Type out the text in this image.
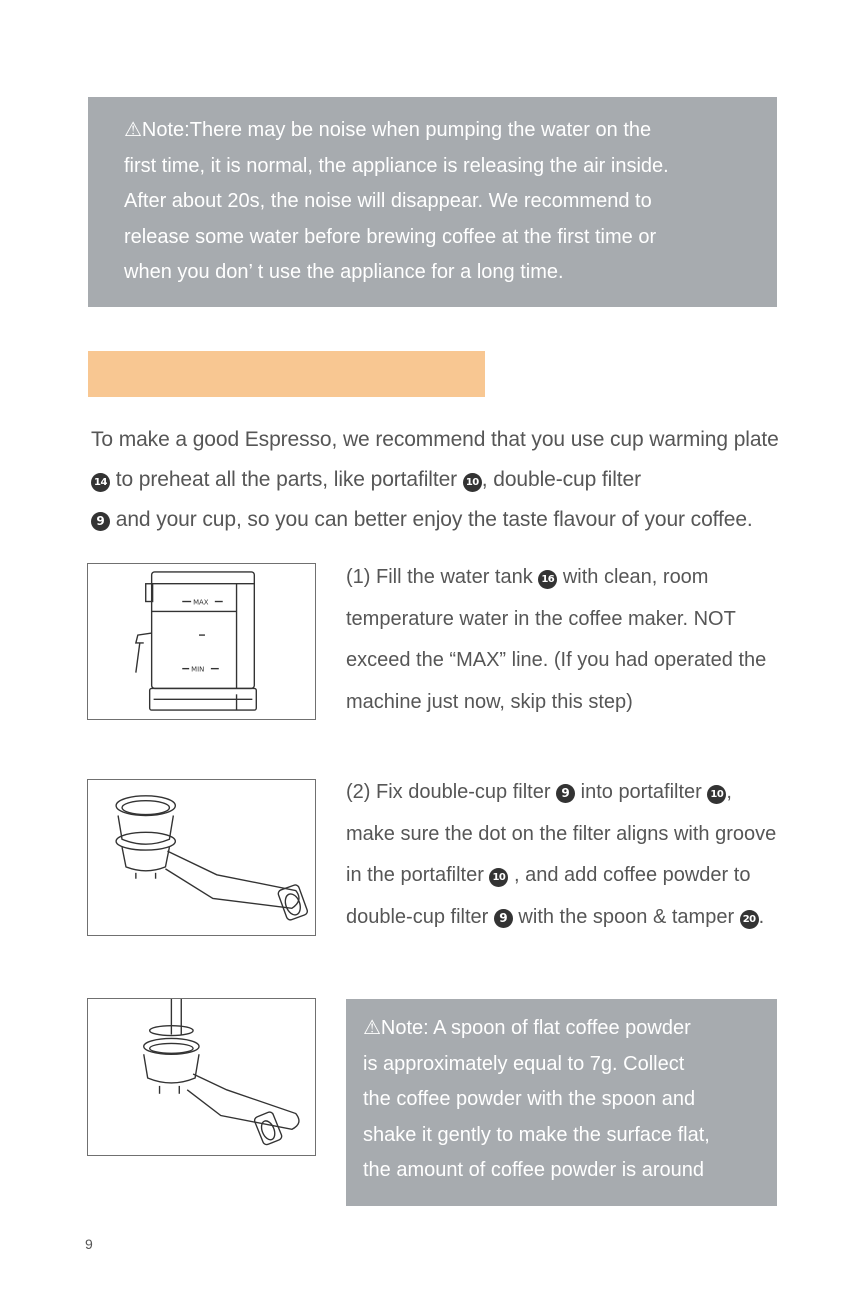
⚠Note:There may be noise when pumping the water on the
first time, it is normal, the appliance is releasing the air inside.
After about 20s, the noise will disappear. We recommend to
release some water before brewing coffee at the first time or
when you don’ t use the appliance for a long time.
To make a good Espresso, we recommend that you use cup warming plate 14 to preheat all the parts, like portafilter 10 , double-cup filter
9 and your cup, so you can better enjoy the taste flavour of your coffee.
MAX
MIN
(1) Fill the water tank 16 with clean, room temperature water in the coffee maker. NOT exceed the “MAX” line. (If you had operated the machine just now, skip this step)
(2) Fix double-cup filter 9 into portafilter 10 , make sure the dot on the filter aligns with groove in the portafilter 10 , and add coffee powder to double-cup filter 9 with the spoon & tamper 20 .
⚠Note: A spoon of flat coffee powder
is approximately equal to 7g. Collect
the coffee powder with the spoon and
shake it gently to make the surface flat,
the amount of coffee powder is around
9
